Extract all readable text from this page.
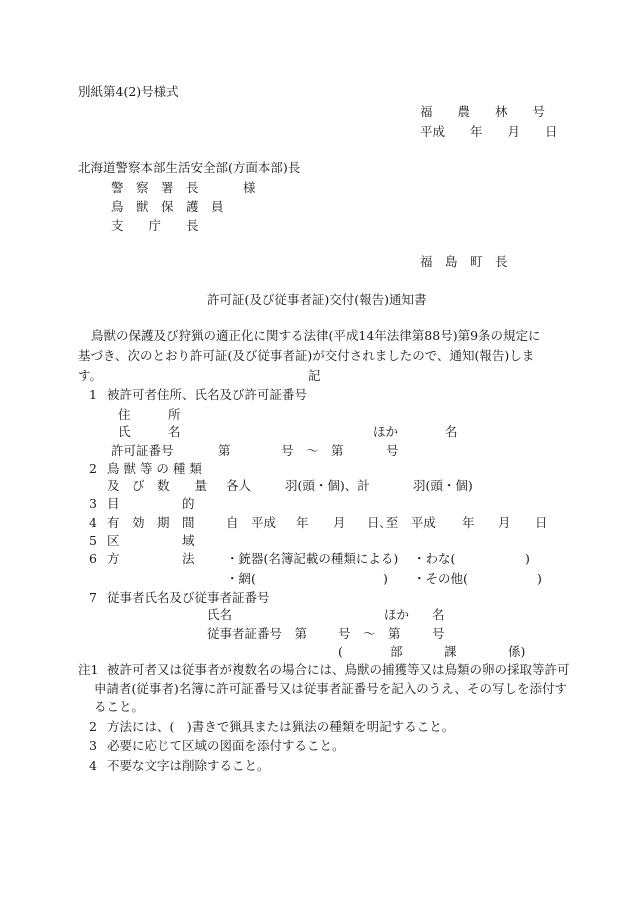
別紙第4(2)号様式
福　　農　　林　　号
平成　　年　　月　　日
北海道警察本部生活安全部(方面本部)長
警　察　署　長	様
鳥　獣　保　護　員
支　　庁　　長
福　島　町　長
許可証(及び従事者証)交付(報告)通知書
鳥獣の保護及び狩猟の適正化に関する法律(平成14年法律第88号)第9条の規定に基づき、次のとおり許可証(及び従事者証)が交付されましたので、通知(報告)します。	記
1 被許可者住所、氏名及び許可証番号
住　　　所
氏　　　名	ほか	名
許可証番号	第	号　～　第	号
2 鳥 獣 等 の 種 類
及　び　数　　量 各人	羽(頭・個)、計	羽(頭・個)
3 目　　　　　的
4 有　効　期　間	自　平成 年 月 日､至　平成 年 月 日
5 区　　　　　域
6 方　　　　　法	・銃器(名簿記載の種類による) ・わな(	)
・網(	) ・その他(	)
7 従事者氏名及び従事者証番号
氏名	ほか 名
従事者証番号　第 号　～　第	号
(	部	課	係)
注1 被許可者又は従事者が複数名の場合には、鳥獣の捕獲等又は鳥類の卵の採取等許可
申請者(従事者)名簿に許可証番号又は従事者証番号を記入のうえ、その写しを添付す
ること。
2 方法には、(　)書きで猟具または猟法の種類を明記すること。
3 必要に応じて区域の図面を添付すること。
4 不要な文字は削除すること。
